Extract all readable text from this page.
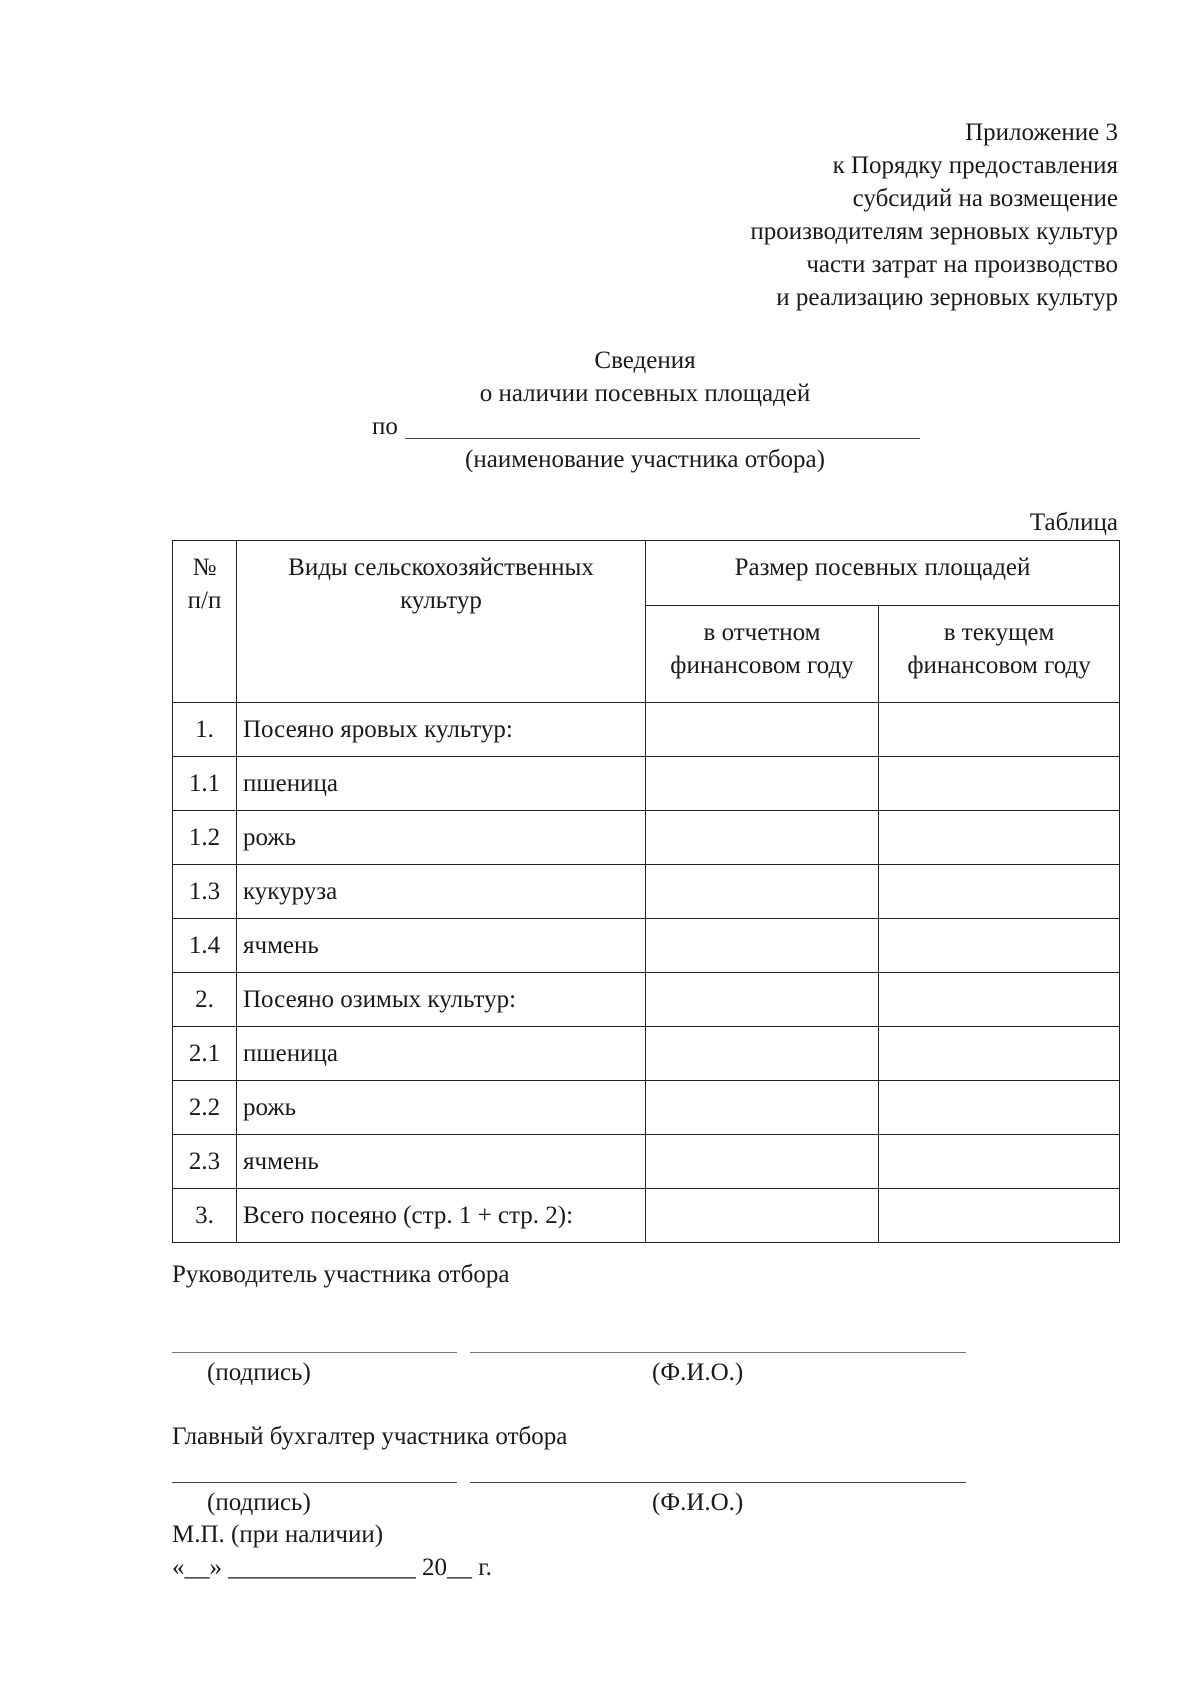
Приложение 3
к Порядку предоставления
субсидий на возмещение
производителям зерновых культур
части затрат на производство
и реализацию зерновых культур
Сведения
о наличии посевных площадей
по
(наименование участника отбора)
Таблица
№ п/п	Виды сельскохозяйственных культур	Размер посевных площадей	
		в отчетном финансовом году	в текущем финансовом году
1.	Посеяно яровых культур:		
1.1	пшеница		
1.2	рожь		
1.3	кукуруза		
1.4	ячмень		
2.	Посеяно озимых культур:		
2.1	пшеница		
2.2	рожь		
2.3	ячмень		
3.	Всего посеяно (стр. 1 + стр. 2):		
Руководитель участника отбора
(подпись)	(Ф.И.О.)
Главный бухгалтер участника отбора
(подпись)	(Ф.И.О.)
М.П. (при наличии)
«__» _______________ 20__ г.
